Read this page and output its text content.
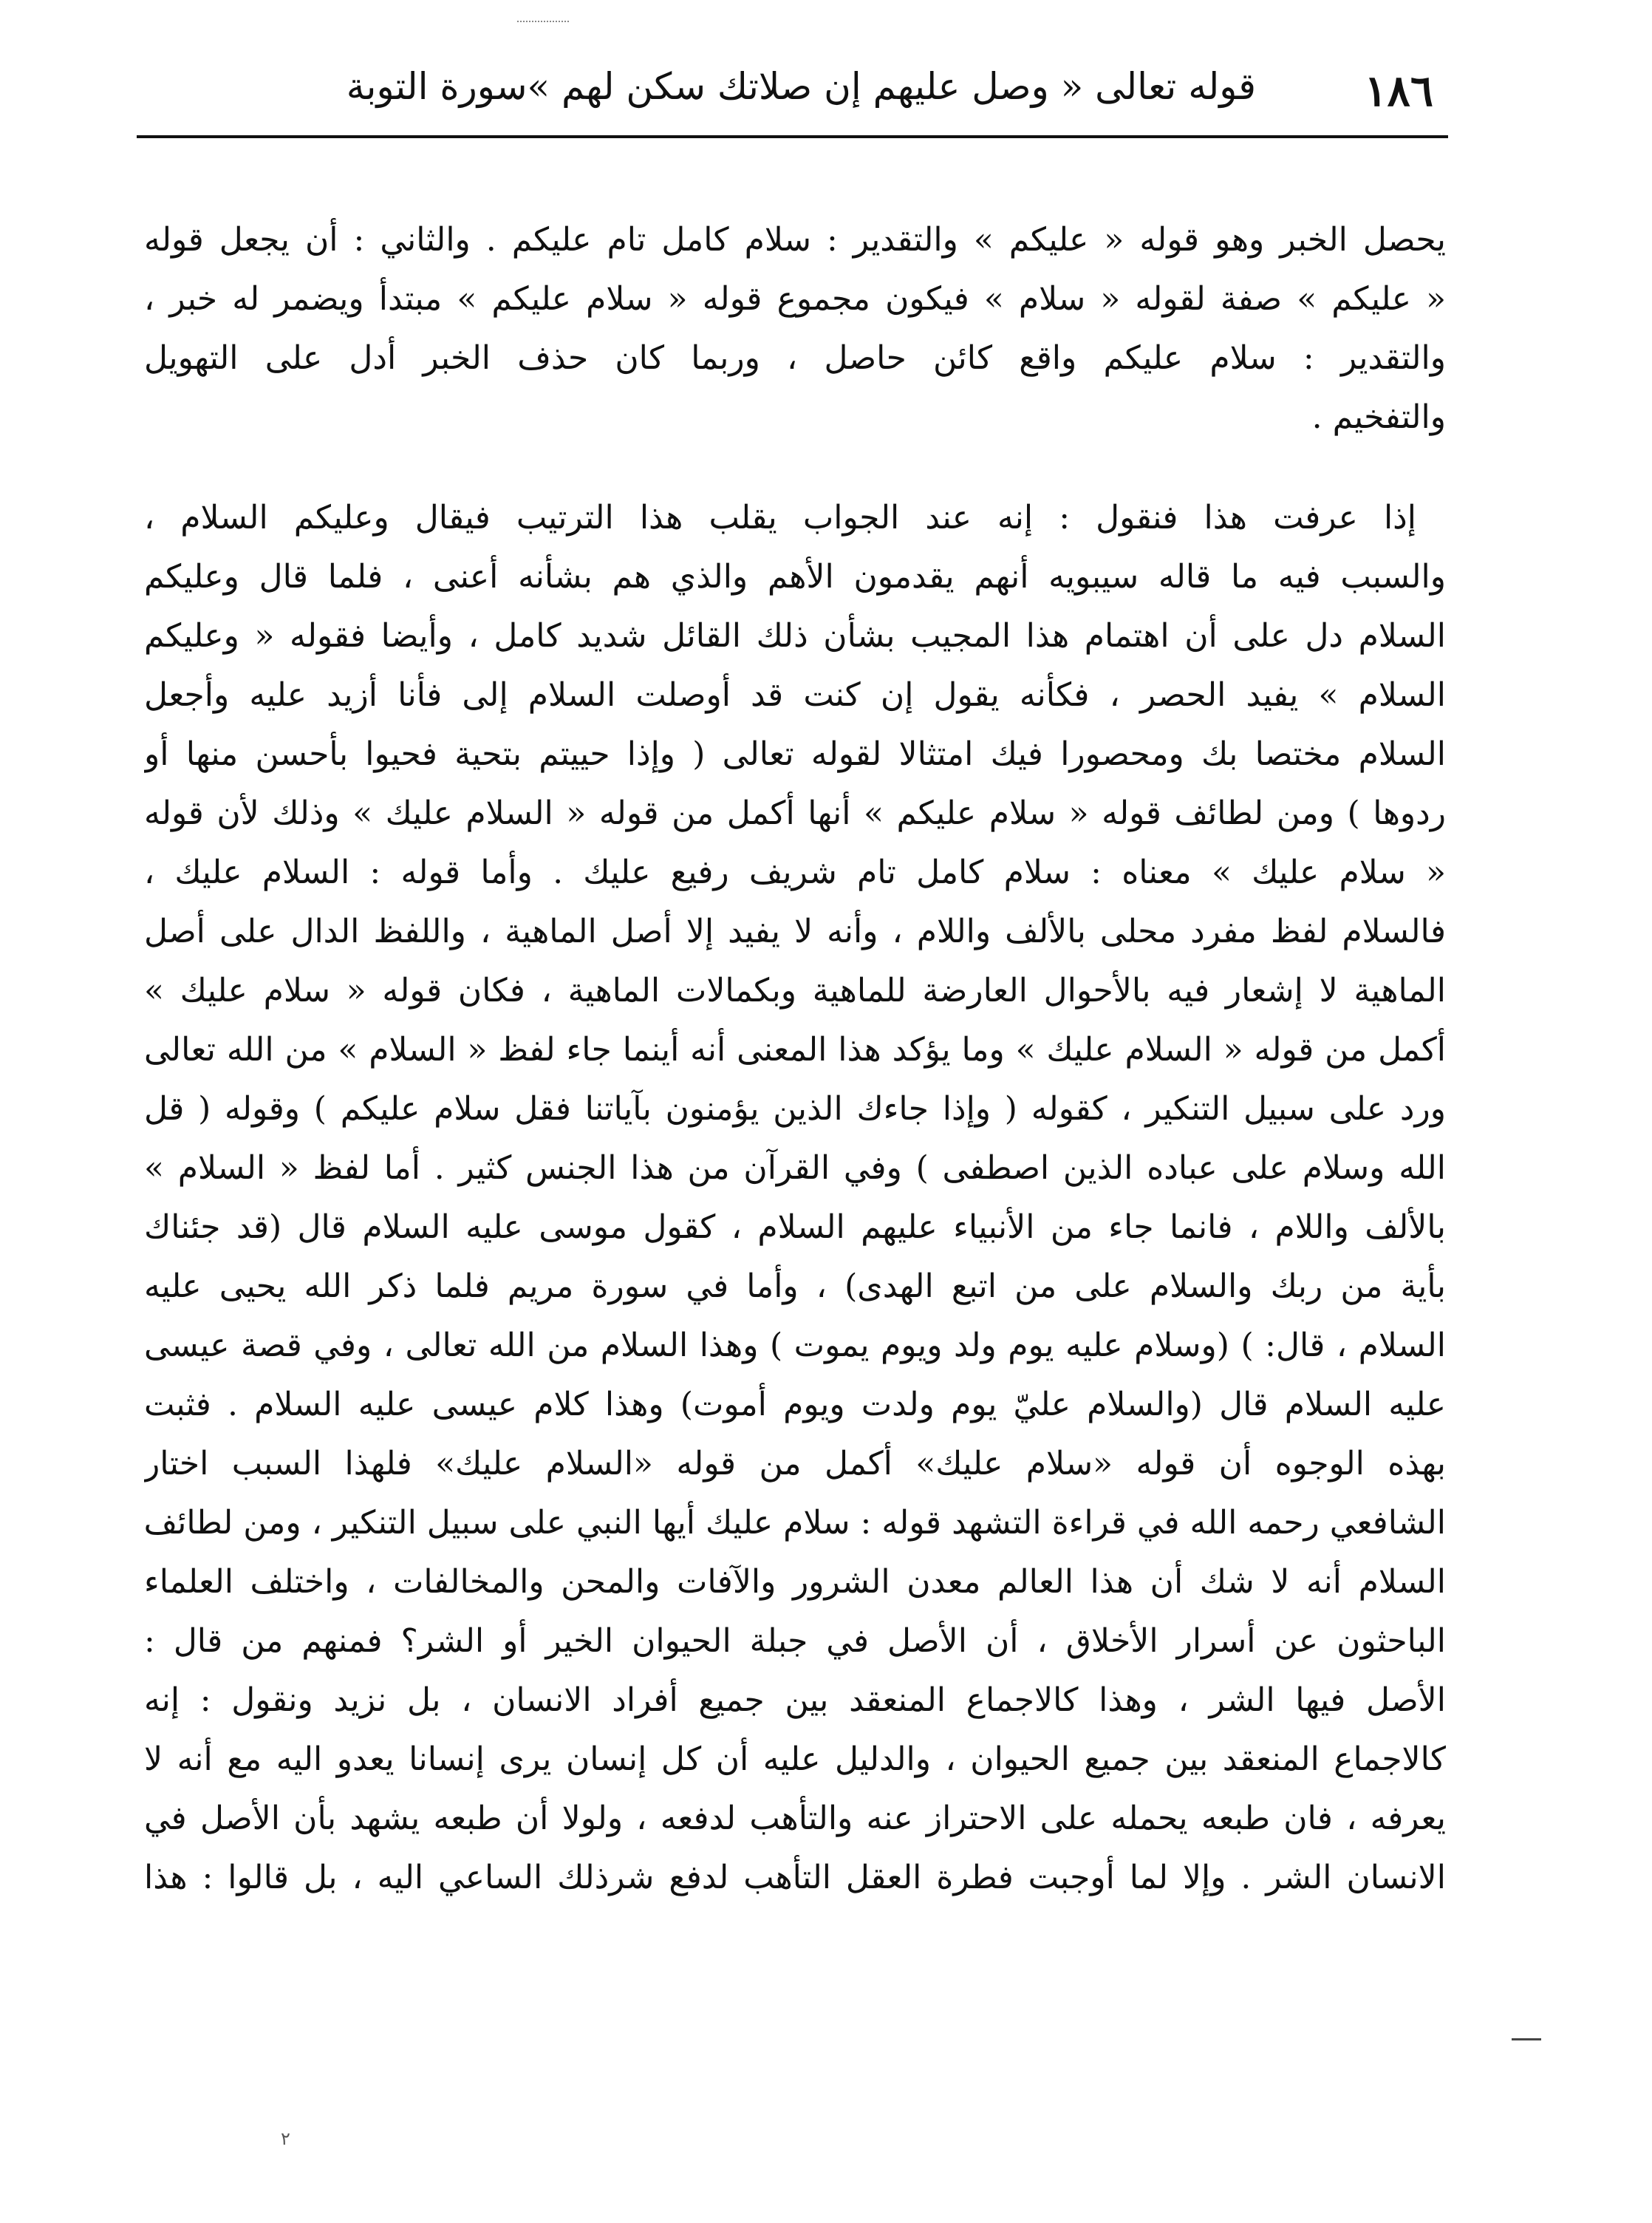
١٨٦
قوله تعالى « وصل عليهم إن صلاتك سكن لهم »سورة التوبة
يحصل الخبر وهو قوله « عليكم » والتقدير : سلام كامل تام عليكم . والثاني : أن يجعل قوله
« عليكم » صفة لقوله « سلام » فيكون مجموع قوله « سلام عليكم » مبتدأ ويضمر له خبر ،
والتقدير : سلام عليكم واقع كائن حاصل ، وربما كان حذف الخبر أدل على التهويل
والتفخيم .
إذا عرفت هذا فنقول : إنه عند الجواب يقلب هذا الترتيب فيقال وعليكم السلام ،
والسبب فيه ما قاله سيبويه أنهم يقدمون الأهم والذي هم بشأنه أعنى ، فلما قال وعليكم
السلام دل على أن اهتمام هذا المجيب بشأن ذلك القائل شديد كامل ، وأيضا فقوله « وعليكم
السلام » يفيد الحصر ، فكأنه يقول إن كنت قد أوصلت السلام إلى فأنا أزيد عليه وأجعل
السلام مختصا بك ومحصورا فيك امتثالا لقوله تعالى ( وإذا حييتم بتحية فحيوا بأحسن منها أو
ردوها ) ومن لطائف قوله « سلام عليكم » أنها أكمل من قوله « السلام عليك » وذلك لأن قوله
« سلام عليك » معناه : سلام كامل تام شريف رفيع عليك . وأما قوله : السلام عليك ،
فالسلام لفظ مفرد محلى بالألف واللام ، وأنه لا يفيد إلا أصل الماهية ، واللفظ الدال على أصل
الماهية لا إشعار فيه بالأحوال العارضة للماهية وبكمالات الماهية ، فكان قوله « سلام عليك »
أكمل من قوله « السلام عليك » وما يؤكد هذا المعنى أنه أينما جاء لفظ « السلام » من الله تعالى
ورد على سبيل التنكير ، كقوله ( وإذا جاءك الذين يؤمنون بآياتنا فقل سلام عليكم ) وقوله ( قل
الله وسلام على عباده الذين اصطفى ) وفي القرآن من هذا الجنس كثير . أما لفظ « السلام »
بالألف واللام ، فانما جاء من الأنبياء عليهم السلام ، كقول موسى عليه السلام قال (قد جئناك
بأية من ربك والسلام على من اتبع الهدى) ، وأما في سورة مريم فلما ذكر الله يحيى عليه
السلام ، قال: ) (وسلام عليه يوم ولد ويوم يموت ) وهذا السلام من الله تعالى ، وفي قصة عيسى
عليه السلام قال (والسلام عليّ يوم ولدت ويوم أموت) وهذا كلام عيسى عليه السلام . فثبت
بهذه الوجوه أن قوله «سلام عليك» أكمل من قوله «السلام عليك» فلهذا السبب اختار
الشافعي رحمه الله في قراءة التشهد قوله : سلام عليك أيها النبي على سبيل التنكير ، ومن لطائف
السلام أنه لا شك أن هذا العالم معدن الشرور والآفات والمحن والمخالفات ، واختلف العلماء
الباحثون عن أسرار الأخلاق ، أن الأصل في جبلة الحيوان الخير أو الشر؟ فمنهم من قال :
الأصل فيها الشر ، وهذا كالاجماع المنعقد بين جميع أفراد الانسان ، بل نزيد ونقول : إنه
كالاجماع المنعقد بين جميع الحيوان ، والدليل عليه أن كل إنسان يرى إنسانا يعدو اليه مع أنه لا
يعرفه ، فان طبعه يحمله على الاحتراز عنه والتأهب لدفعه ، ولولا أن طبعه يشهد بأن الأصل في
الانسان الشر . وإلا لما أوجبت فطرة العقل التأهب لدفع شرذلك الساعي اليه ، بل قالوا : هذا
٢
